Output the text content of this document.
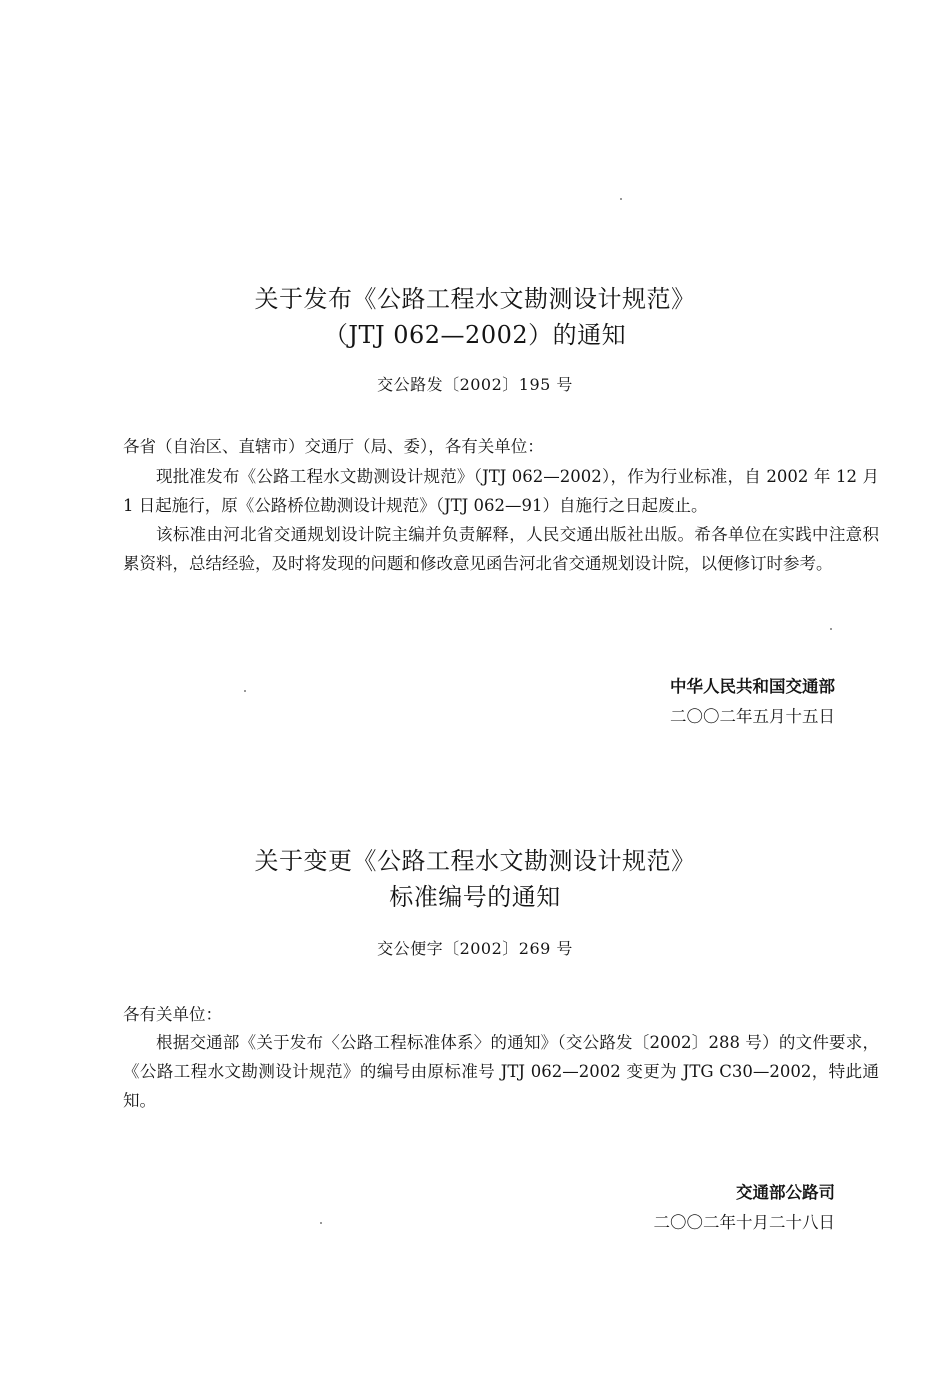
关于发布《公路工程水文勘测设计规范》
（JTJ 062—2002）的通知
交公路发〔2002〕195 号
各省（自治区、直辖市）交通厅（局、委），各有关单位：
现批准发布《公路工程水文勘测设计规范》（JTJ 062—2002），作为行业标准，自 2002 年 12 月 1 日起施行，原《公路桥位勘测设计规范》（JTJ 062—91）自施行之日起废止。
该标准由河北省交通规划设计院主编并负责解释，人民交通出版社出版。希各单位在实践中注意积累资料，总结经验，及时将发现的问题和修改意见函告河北省交通规划设计院，以便修订时参考。
中华人民共和国交通部
二〇〇二年五月十五日
关于变更《公路工程水文勘测设计规范》
标准编号的通知
交公便字〔2002〕269 号
各有关单位：
根据交通部《关于发布〈公路工程标准体系〉的通知》（交公路发〔2002〕288 号）的文件要求，《公路工程水文勘测设计规范》的编号由原标准号 JTJ 062—2002 变更为 JTG C30—2002，特此通知。
交通部公路司
二〇〇二年十月二十八日
